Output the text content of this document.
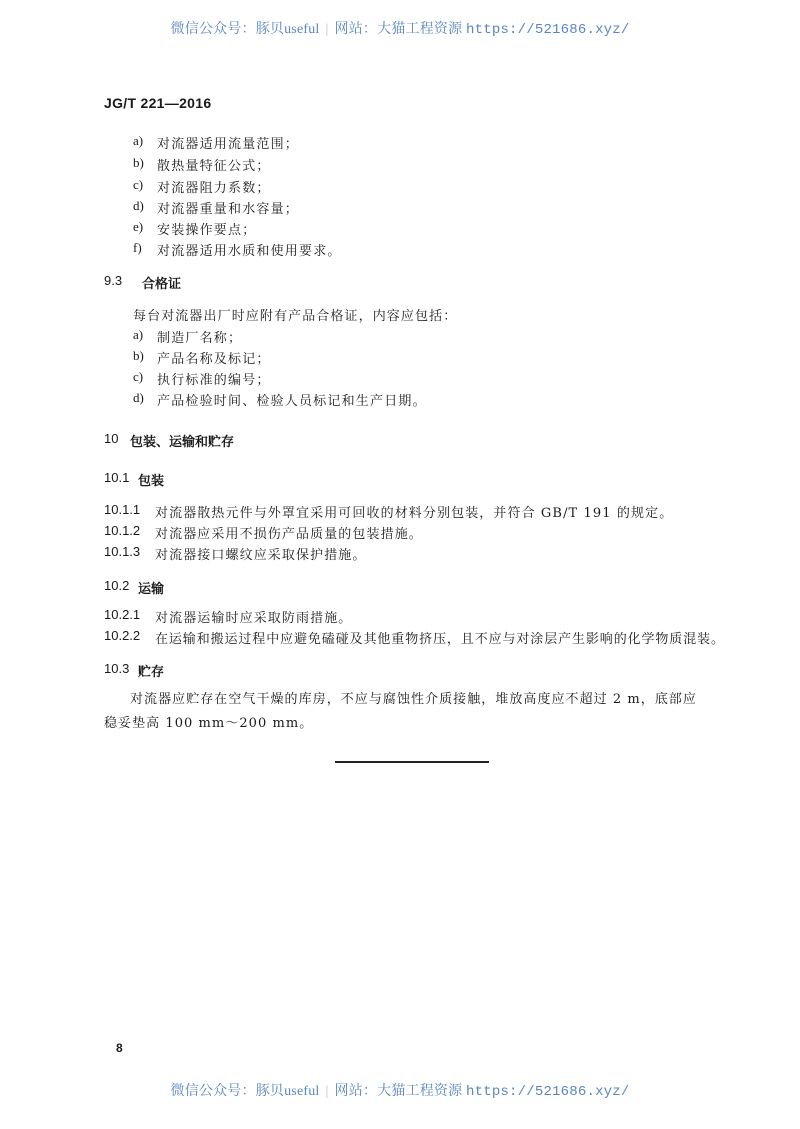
微信公众号：豚贝useful | 网站：大猫工程资源 https://521686.xyz/
JG/T 221—2016
a)	对流器适用流量范围；
b)	散热量特征公式；
c)	对流器阻力系数；
d)	对流器重量和水容量；
e)	安装操作要点；
f)	对流器适用水质和使用要求。
9.3	合格证
每台对流器出厂时应附有产品合格证，内容应包括：
a)	制造厂名称；
b)	产品名称及标记；
c)	执行标准的编号；
d)	产品检验时间、检验人员标记和生产日期。
10 包装、运输和贮存
10.1 包装
10.1.1	对流器散热元件与外罩宜采用可回收的材料分别包装，并符合 GB/T 191 的规定。
10.1.2	对流器应采用不损伤产品质量的包装措施。
10.1.3	对流器接口螺纹应采取保护措施。
10.2 运输
10.2.1	对流器运输时应采取防雨措施。
10.2.2	在运输和搬运过程中应避免磕碰及其他重物挤压，且不应与对涂层产生影响的化学物质混装。
10.3 贮存
对流器应贮存在空气干燥的库房，不应与腐蚀性介质接触，堆放高度应不超过 2 m，底部应稳妥垫高 100 mm～200 mm。
8
微信公众号：豚贝useful | 网站：大猫工程资源 https://521686.xyz/
